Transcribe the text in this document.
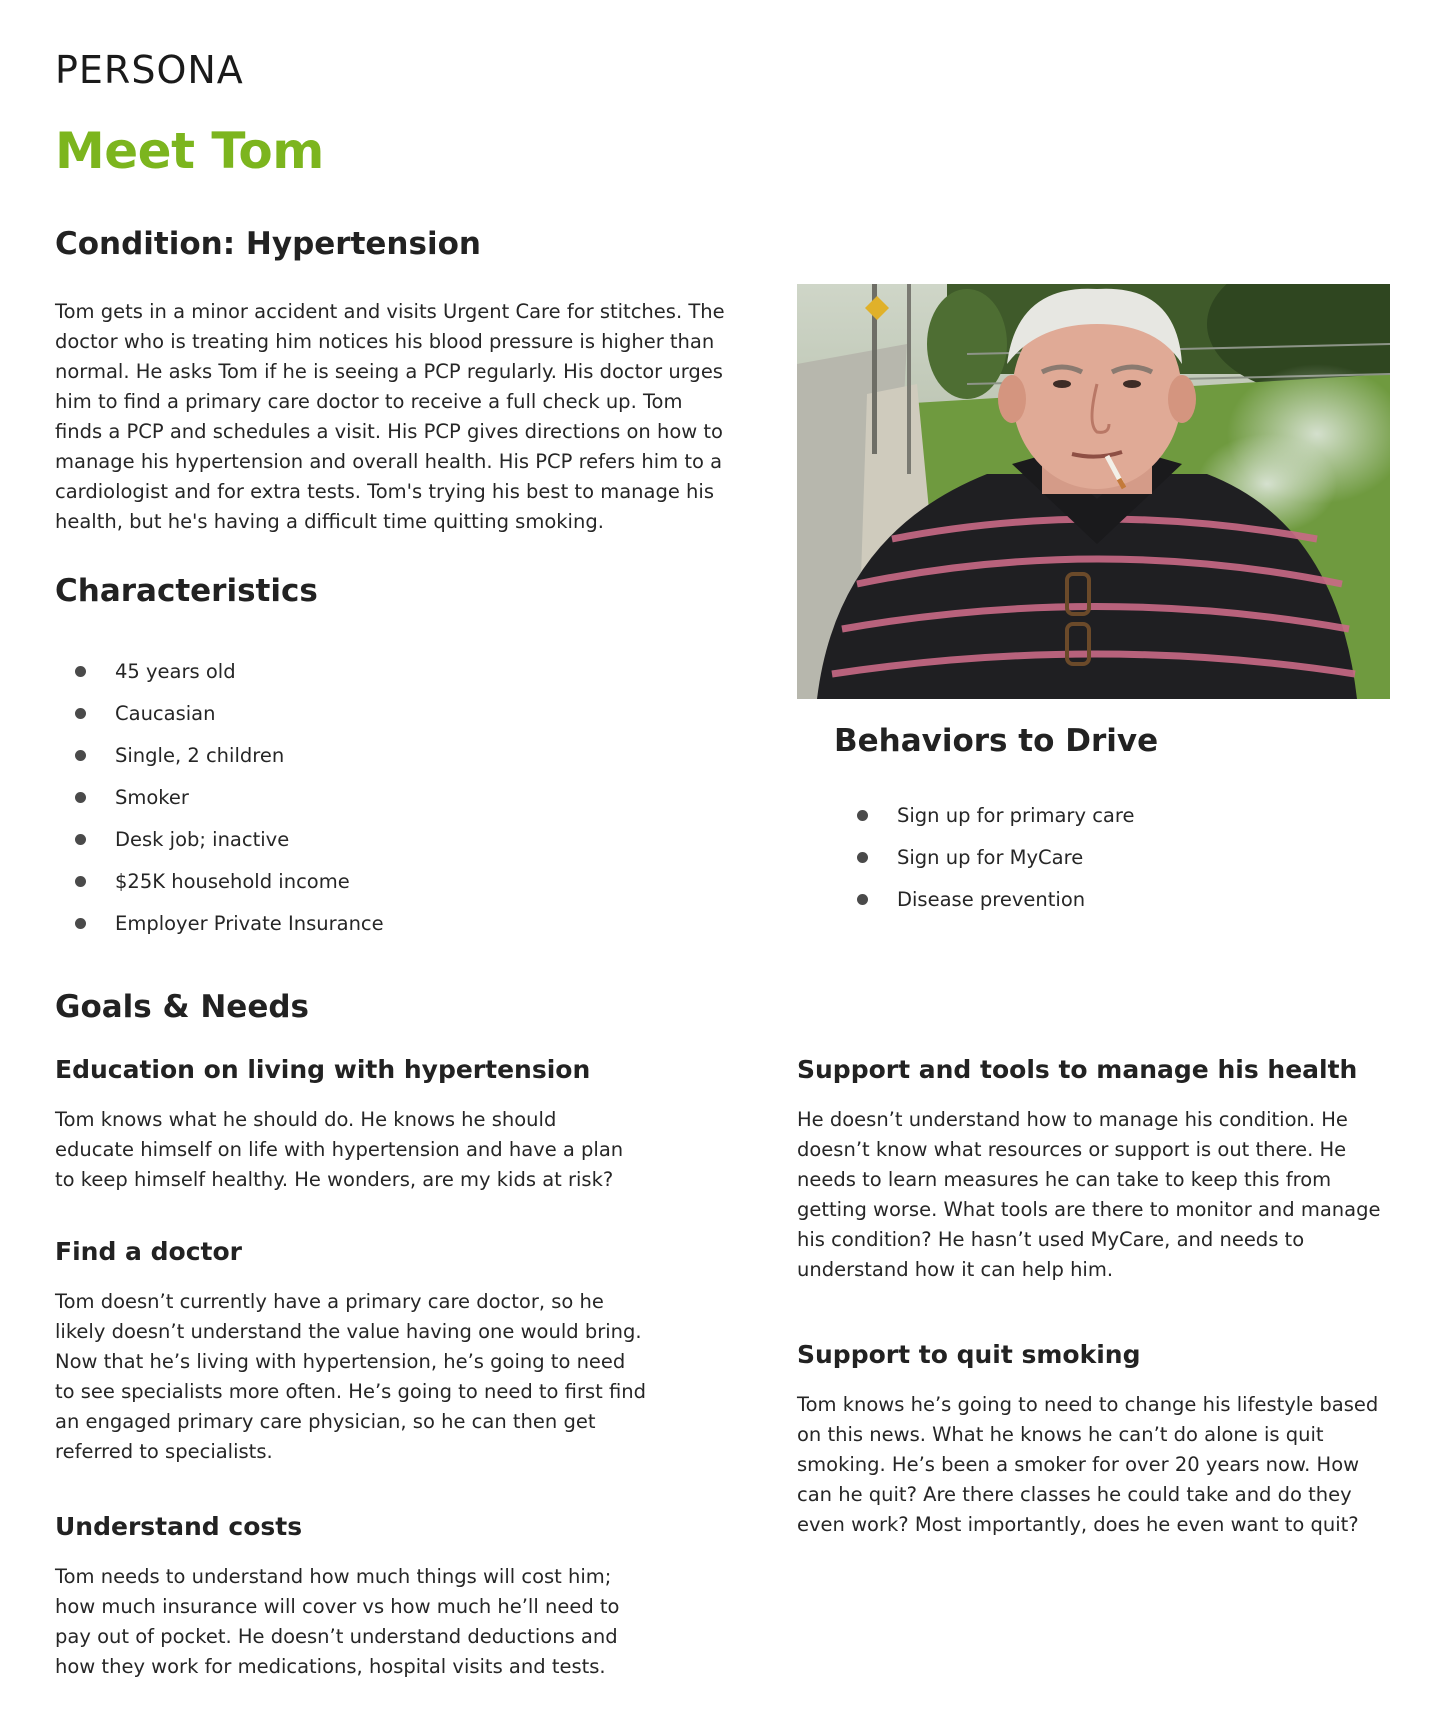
PERSONA
Meet Tom
Condition: Hypertension
Tom gets in a minor accident and visits Urgent Care for stitches. The
doctor who is treating him notices his blood pressure is higher than
normal. He asks Tom if he is seeing a PCP regularly. His doctor urges
him to find a primary care doctor to receive a full check up. Tom
finds a PCP and schedules a visit. His PCP gives directions on how to
manage his hypertension and overall health. His PCP refers him to a
cardiologist and for extra tests. Tom's trying his best to manage his
health, but he's having a difficult time quitting smoking.
Characteristics
45 years old
Caucasian
Single, 2 children
Smoker
Desk job; inactive
$25K household income
Employer Private Insurance
Behaviors to Drive
Sign up for primary care
Sign up for MyCare
Disease prevention
Goals & Needs
Education on living with hypertension
Tom knows what he should do. He knows he should
educate himself on life with hypertension and have a plan
to keep himself healthy. He wonders, are my kids at risk?
Find a doctor
Tom doesn’t currently have a primary care doctor, so he
likely doesn’t understand the value having one would bring.
Now that he’s living with hypertension, he’s going to need
to see specialists more often. He’s going to need to first find
an engaged primary care physician, so he can then get
referred to specialists.
Understand costs
Tom needs to understand how much things will cost him;
how much insurance will cover vs how much he’ll need to
pay out of pocket. He doesn’t understand deductions and
how they work for medications, hospital visits and tests.
Support and tools to manage his health
He doesn’t understand how to manage his condition. He
doesn’t know what resources or support is out there. He
needs to learn measures he can take to keep this from
getting worse. What tools are there to monitor and manage
his condition? He hasn’t used MyCare, and needs to
understand how it can help him.
Support to quit smoking
Tom knows he’s going to need to change his lifestyle based
on this news. What he knows he can’t do alone is quit
smoking. He’s been a smoker for over 20 years now. How
can he quit? Are there classes he could take and do they
even work? Most importantly, does he even want to quit?
